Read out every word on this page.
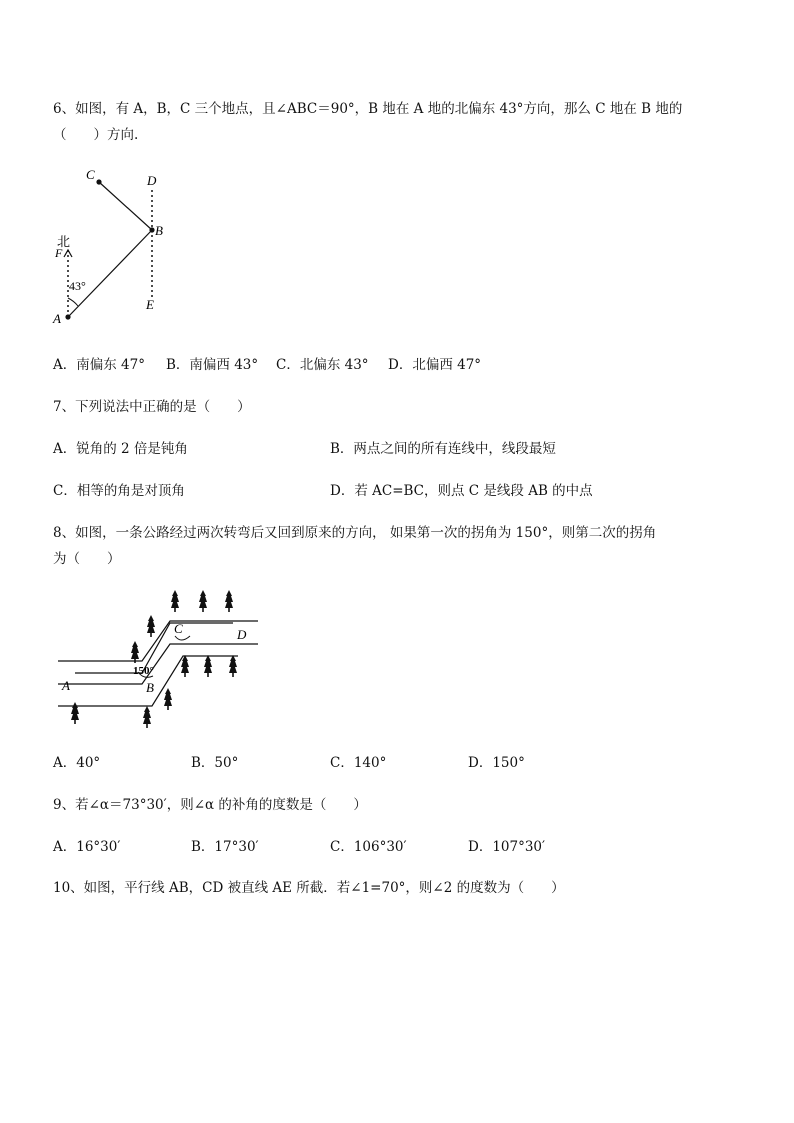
6、如图，有 A，B，C 三个地点，且∠ABC＝90°，B 地在 A 地的北偏东 43°方向，那么 C 地在 B 地的
（　　）方向.
C	D
B
北
F
43°
A
E
A．南偏东 47° B．南偏西 43° C．北偏东 43° D．北偏西 47°
7、下列说法中正确的是（　　）
A．锐角的 2 倍是钝角	B．两点之间的所有连线中，线段最短
C．相等的角是对顶角	D．若 AC=BC，则点 C 是线段 AB 的中点
8、如图，一条公路经过两次转弯后又回到原来的方向， 如果第一次的拐角为 150°，则第二次的拐角
为（　　）
C	D
A	B
150°
A．40°	B．50°	C．140°	D．150°
9、若∠α＝73°30′，则∠α 的补角的度数是（　　）
A．16°30′	B．17°30′	C．106°30′	D．107°30′
10、如图，平行线 AB，CD 被直线 AE 所截．若∠1=70°，则∠2 的度数为（　　）
